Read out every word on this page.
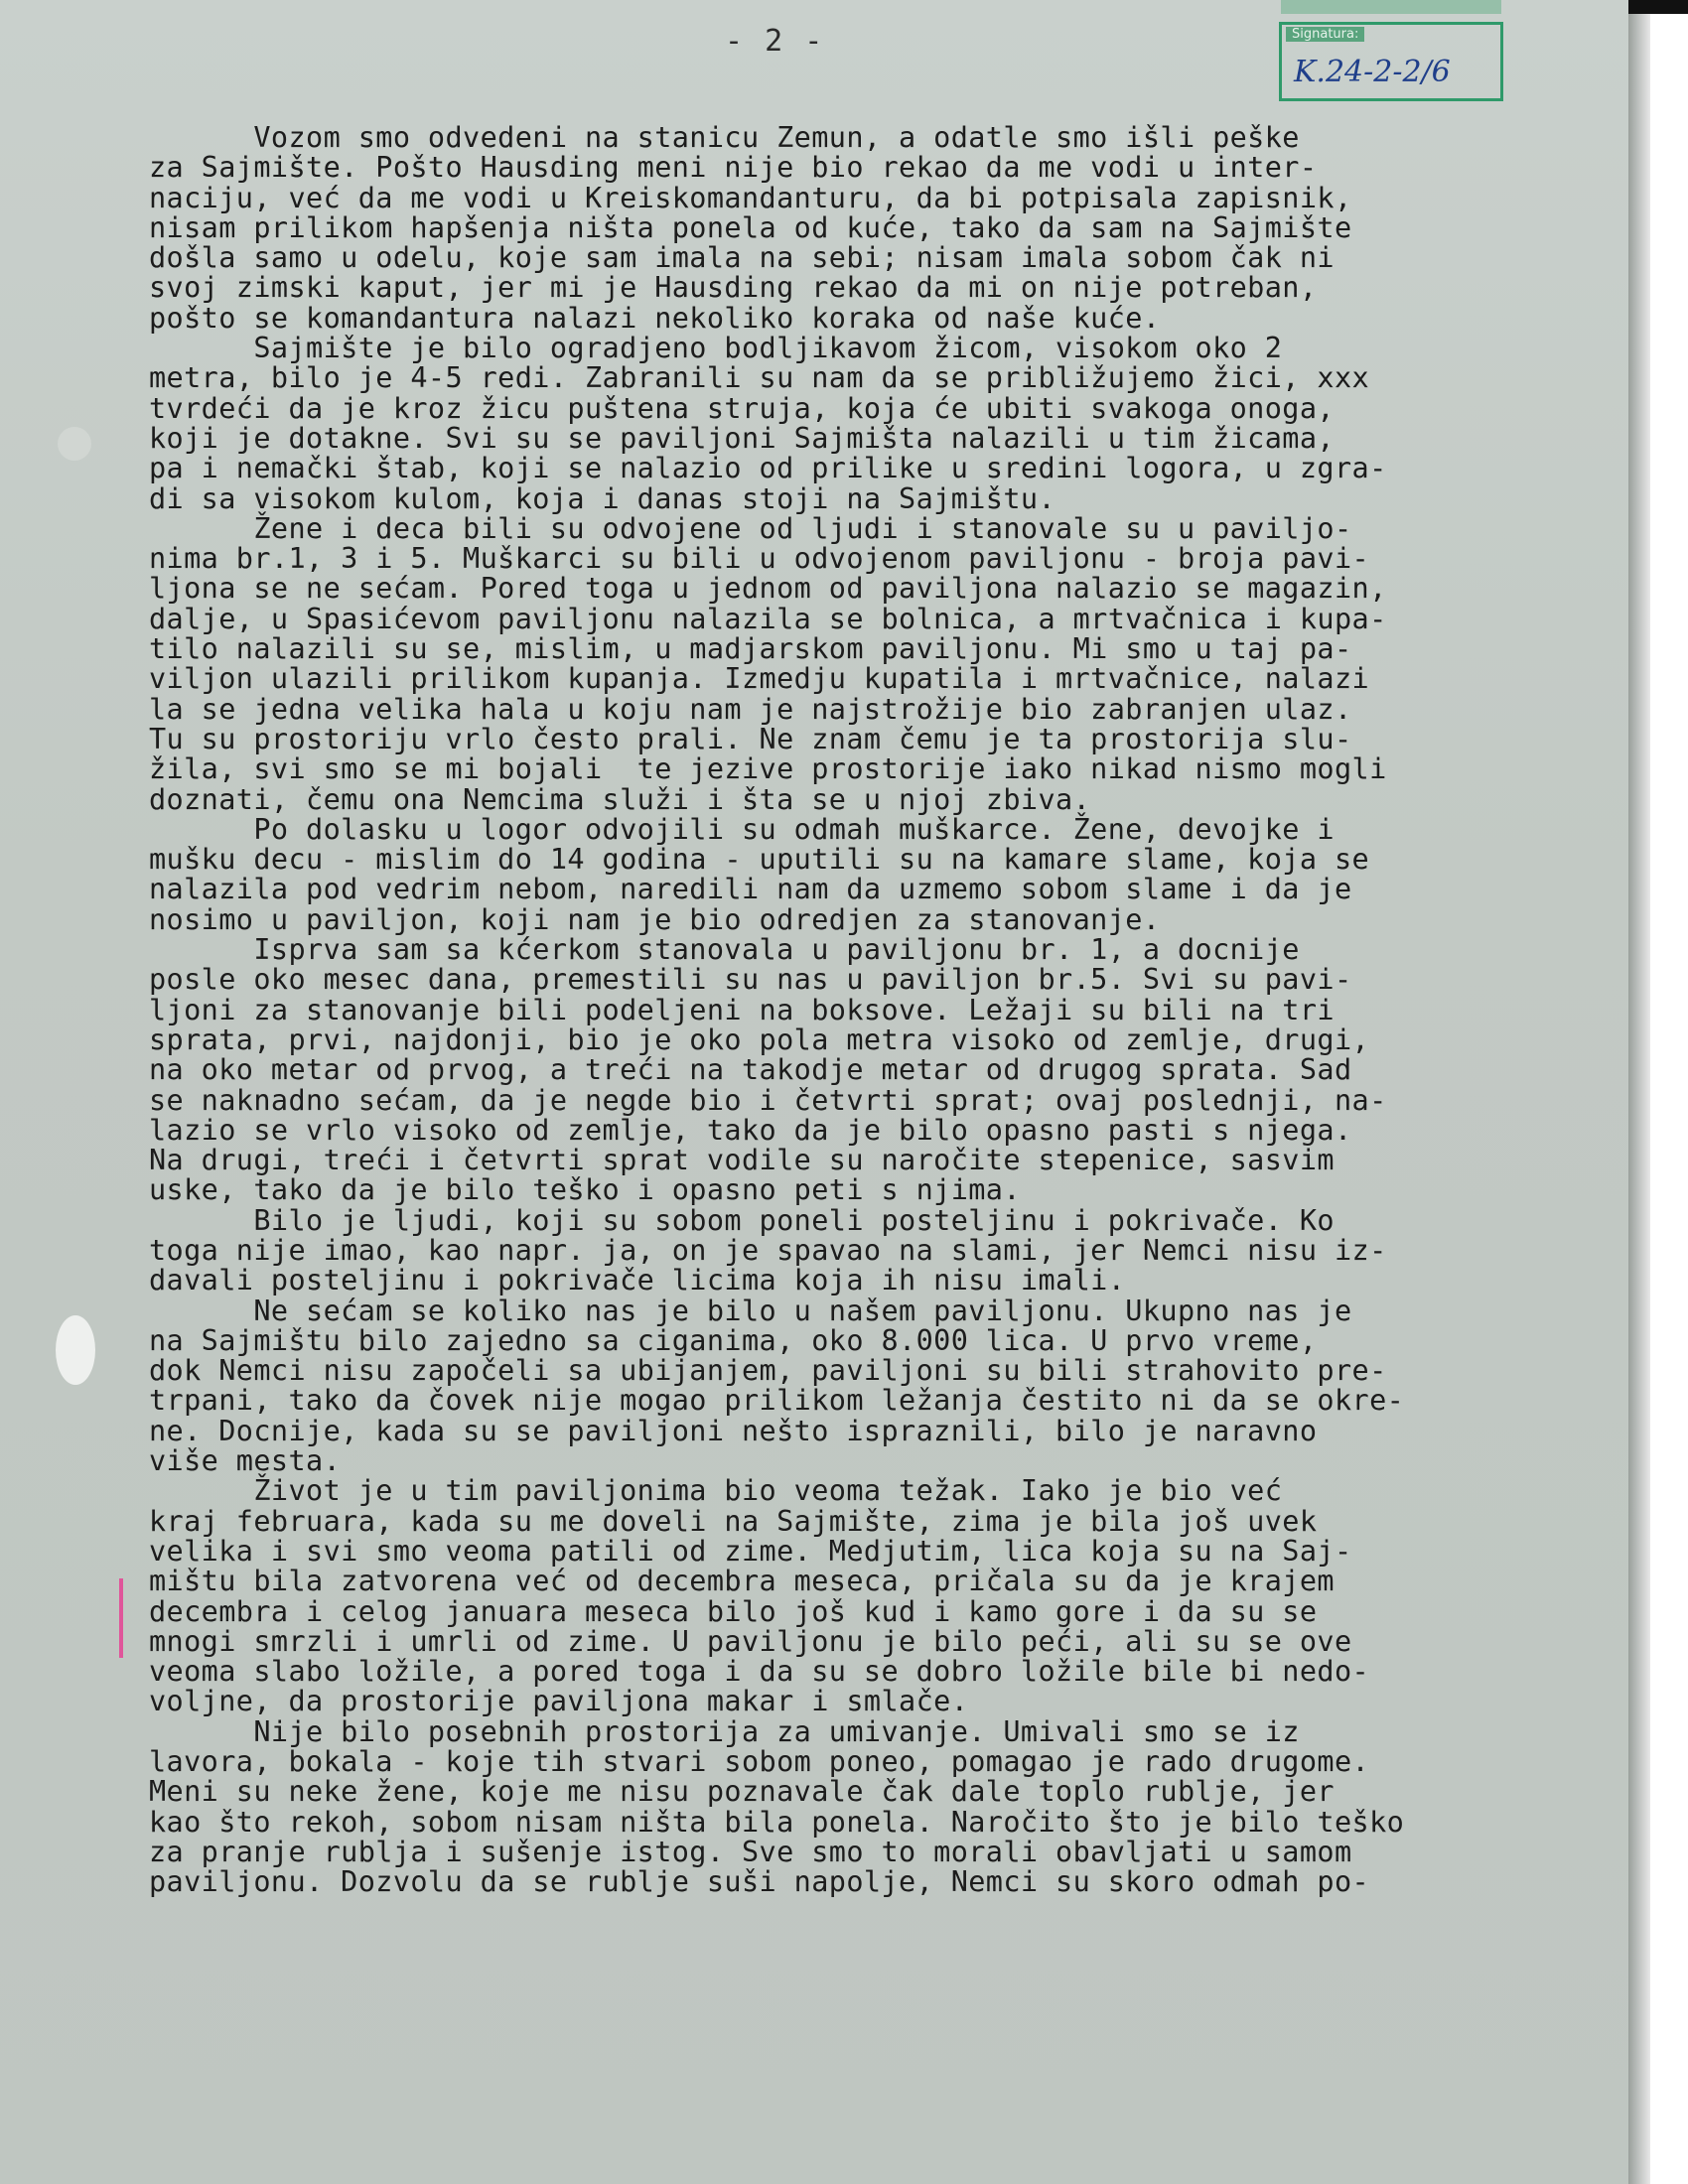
- 2 -	Signatura:
K.24-2-2/6
Vozom smo odvedeni na stanicu Zemun, a odatle smo išli peške
za Sajmište. Pošto Hausding meni nije bio rekao da me vodi u inter-
naciju, već da me vodi u Kreiskomandanturu, da bi potpisala zapisnik,
nisam prilikom hapšenja ništa ponela od kuće, tako da sam na Sajmište
došla samo u odelu, koje sam imala na sebi; nisam imala sobom čak ni
svoj zimski kaput, jer mi je Hausding rekao da mi on nije potreban,
pošto se komandantura nalazi nekoliko koraka od naše kuće.
Sajmište je bilo ogradjeno bodljikavom žicom, visokom oko 2
metra, bilo je 4-5 redi. Zabranili su nam da se približujemo žici, xxx
tvrdeći da je kroz žicu puštena struja, koja će ubiti svakoga onoga,
koji je dotakne. Svi su se paviljoni Sajmišta nalazili u tim žicama,
pa i nemački štab, koji se nalazio od prilike u sredini logora, u zgra-
di sa visokom kulom, koja i danas stoji na Sajmištu.
Žene i deca bili su odvojene od ljudi i stanovale su u paviljo-
nima br.1, 3 i 5. Muškarci su bili u odvojenom paviljonu - broja pavi-
ljona se ne sećam. Pored toga u jednom od paviljona nalazio se magazin,
dalje, u Spasićevom paviljonu nalazila se bolnica, a mrtvačnica i kupa-
tilo nalazili su se, mislim, u madjarskom paviljonu. Mi smo u taj pa-
viljon ulazili prilikom kupanja. Izmedju kupatila i mrtvačnice, nalazi
la se jedna velika hala u koju nam je najstrožije bio zabranjen ulaz.
Tu su prostoriju vrlo često prali. Ne znam čemu je ta prostorija slu-
žila, svi smo se mi bojali  te jezive prostorije iako nikad nismo mogli
doznati, čemu ona Nemcima služi i šta se u njoj zbiva.
Po dolasku u logor odvojili su odmah muškarce. Žene, devojke i
mušku decu - mislim do 14 godina - uputili su na kamare slame, koja se
nalazila pod vedrim nebom, naredili nam da uzmemo sobom slame i da je
nosimo u paviljon, koji nam je bio odredjen za stanovanje.
Isprva sam sa kćerkom stanovala u paviljonu br. 1, a docnije
posle oko mesec dana, premestili su nas u paviljon br.5. Svi su pavi-
ljoni za stanovanje bili podeljeni na boksove. Ležaji su bili na tri
sprata, prvi, najdonji, bio je oko pola metra visoko od zemlje, drugi,
na oko metar od prvog, a treći na takodje metar od drugog sprata. Sad
se naknadno sećam, da je negde bio i četvrti sprat; ovaj poslednji, na-
lazio se vrlo visoko od zemlje, tako da je bilo opasno pasti s njega.
Na drugi, treći i četvrti sprat vodile su naročite stepenice, sasvim
uske, tako da je bilo teško i opasno peti s njima.
Bilo je ljudi, koji su sobom poneli posteljinu i pokrivače. Ko
toga nije imao, kao napr. ja, on je spavao na slami, jer Nemci nisu iz-
davali posteljinu i pokrivače licima koja ih nisu imali.
Ne sećam se koliko nas je bilo u našem paviljonu. Ukupno nas je
na Sajmištu bilo zajedno sa ciganima, oko 8.000 lica. U prvo vreme,
dok Nemci nisu započeli sa ubijanjem, paviljoni su bili strahovito pre-
trpani, tako da čovek nije mogao prilikom ležanja čestito ni da se okre-
ne. Docnije, kada su se paviljoni nešto ispraznili, bilo je naravno
više mesta.
Život je u tim paviljonima bio veoma težak. Iako je bio već
kraj februara, kada su me doveli na Sajmište, zima je bila još uvek
velika i svi smo veoma patili od zime. Medjutim, lica koja su na Saj-
mištu bila zatvorena već od decembra meseca, pričala su da je krajem
decembra i celog januara meseca bilo još kud i kamo gore i da su se
mnogi smrzli i umrli od zime. U paviljonu je bilo peći, ali su se ove
veoma slabo ložile, a pored toga i da su se dobro ložile bile bi nedo-
voljne, da prostorije paviljona makar i smlače.
Nije bilo posebnih prostorija za umivanje. Umivali smo se iz
lavora, bokala - koje tih stvari sobom poneo, pomagao je rado drugome.
Meni su neke žene, koje me nisu poznavale čak dale toplo rublje, jer
kao što rekoh, sobom nisam ništa bila ponela. Naročito što je bilo teško
za pranje rublja i sušenje istog. Sve smo to morali obavljati u samom
paviljonu. Dozvolu da se rublje suši napolje, Nemci su skoro odmah po-
